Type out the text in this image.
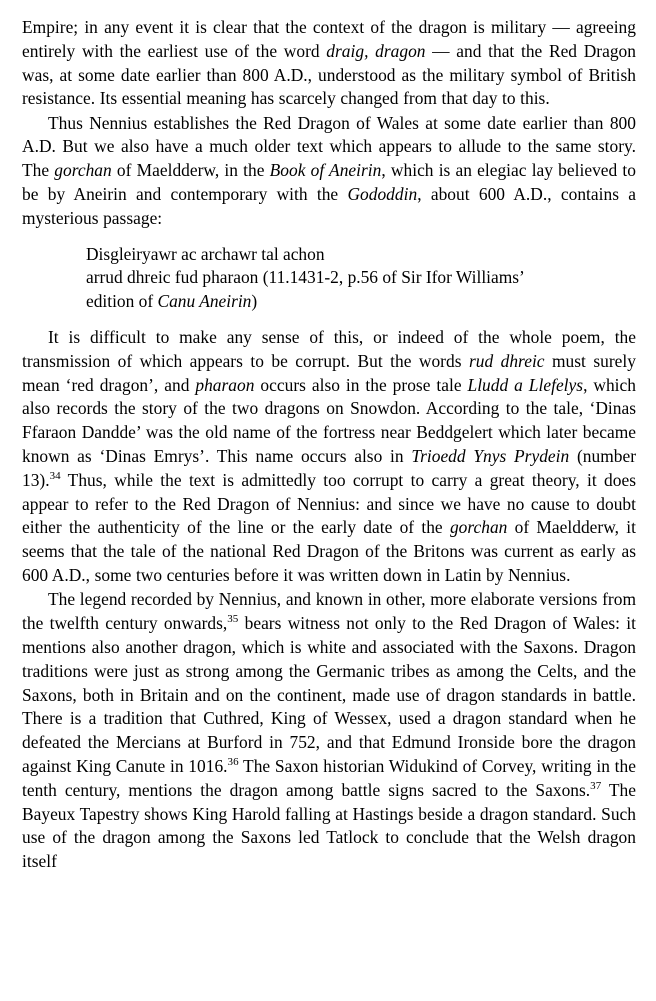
Empire; in any event it is clear that the context of the dragon is military — agreeing entirely with the earliest use of the word draig, dragon — and that the Red Dragon was, at some date earlier than 800 A.D., understood as the military symbol of British resistance. Its essential meaning has scarcely changed from that day to this.

Thus Nennius establishes the Red Dragon of Wales at some date earlier than 800 A.D. But we also have a much older text which appears to allude to the same story. The gorchan of Maeldderw, in the Book of Aneirin, which is an elegiac lay believed to be by Aneirin and contemporary with the Gododdin, about 600 A.D., contains a mysterious passage:

Disgleiryawr ac archawr tal achon
arrud dhreic fud pharaon (11.1431-2, p.56 of Sir Ifor Williams’
edition of Canu Aneirin)

It is difficult to make any sense of this, or indeed of the whole poem, the transmission of which appears to be corrupt. But the words rud dhreic must surely mean ‘red dragon’, and pharaon occurs also in the prose tale Lludd a Llefelys, which also records the story of the two dragons on Snowdon. According to the tale, ‘Dinas Ffaraon Dandde’ was the old name of the fortress near Beddgelert which later became known as ‘Dinas Emrys’. This name occurs also in Trioedd Ynys Prydein (number 13).$^{34}$ Thus, while the text is admittedly too corrupt to carry a great theory, it does appear to refer to the Red Dragon of Nennius: and since we have no cause to doubt either the authenticity of the line or the early date of the gorchan of Maeldderw, it seems that the tale of the national Red Dragon of the Britons was current as early as 600 A.D., some two centuries before it was written down in Latin by Nennius.

The legend recorded by Nennius, and known in other, more elaborate versions from the twelfth century onwards,$^{35}$ bears witness not only to the Red Dragon of Wales: it mentions also another dragon, which is white and associated with the Saxons. Dragon traditions were just as strong among the Germanic tribes as among the Celts, and the Saxons, both in Britain and on the continent, made use of dragon standards in battle. There is a tradition that Cuthred, King of Wessex, used a dragon standard when he defeated the Mercians at Burford in 752, and that Edmund Ironside bore the dragon against King Canute in 1016.36 The Saxon historian Widukind of Corvey, writing in the tenth century, mentions the dragon among battle signs sacred to the Saxons.$^{37}$ The Bayeux Tapestry shows King Harold falling at Hastings beside a dragon standard. Such use of the dragon among the Saxons led Tatlock to conclude that the Welsh dragon itself
